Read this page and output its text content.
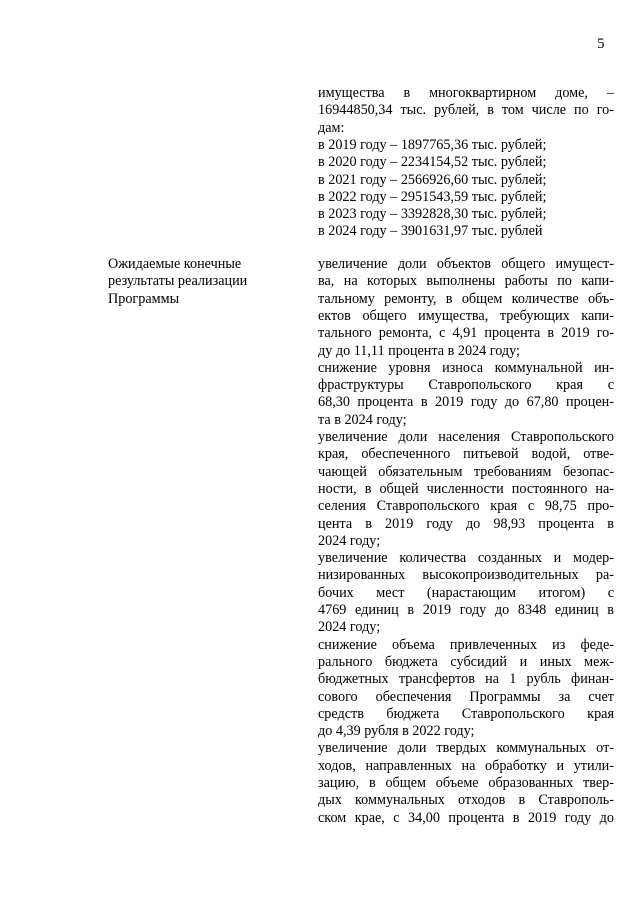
5
имущества в многоквартирном доме, –
16944850,34 тыс. рублей, в том числе по го-
дам:
в 2019 году – 1897765,36 тыс. рублей;
в 2020 году – 2234154,52 тыс. рублей;
в 2021 году – 2566926,60 тыс. рублей;
в 2022 году – 2951543,59 тыс. рублей;
в 2023 году – 3392828,30 тыс. рублей;
в 2024 году – 3901631,97 тыс. рублей
Ожидаемые конечные
результаты реализации
Программы
увеличение доли объектов общего имущест-
ва, на которых выполнены работы по капи-
тальному ремонту, в общем количестве объ-
ектов общего имущества, требующих капи-
тального ремонта, с 4,91 процента в 2019 го-
ду до 11,11 процента в 2024 году;
снижение уровня износа коммунальной ин-
фраструктуры Ставропольского края с
68,30 процента в 2019 году до 67,80 процен-
та в 2024 году;
увеличение доли населения Ставропольского
края, обеспеченного питьевой водой, отве-
чающей обязательным требованиям безопас-
ности, в общей численности постоянного на-
селения Ставропольского края с 98,75 про-
цента в 2019 году до 98,93 процента в
2024 году;
увеличение количества созданных и модер-
низированных высокопроизводительных ра-
бочих мест (нарастающим итогом) с
4769 единиц в 2019 году до 8348 единиц в
2024 году;
снижение объема привлеченных из феде-
рального бюджета субсидий и иных меж-
бюджетных трансфертов на 1 рубль финан-
сового обеспечения Программы за счет
средств бюджета Ставропольского края
до 4,39 рубля в 2022 году;
увеличение доли твердых коммунальных от-
ходов, направленных на обработку и утили-
зацию, в общем объеме образованных твер-
дых коммунальных отходов в Ставрополь-
ском крае, с 34,00 процента в 2019 году до
